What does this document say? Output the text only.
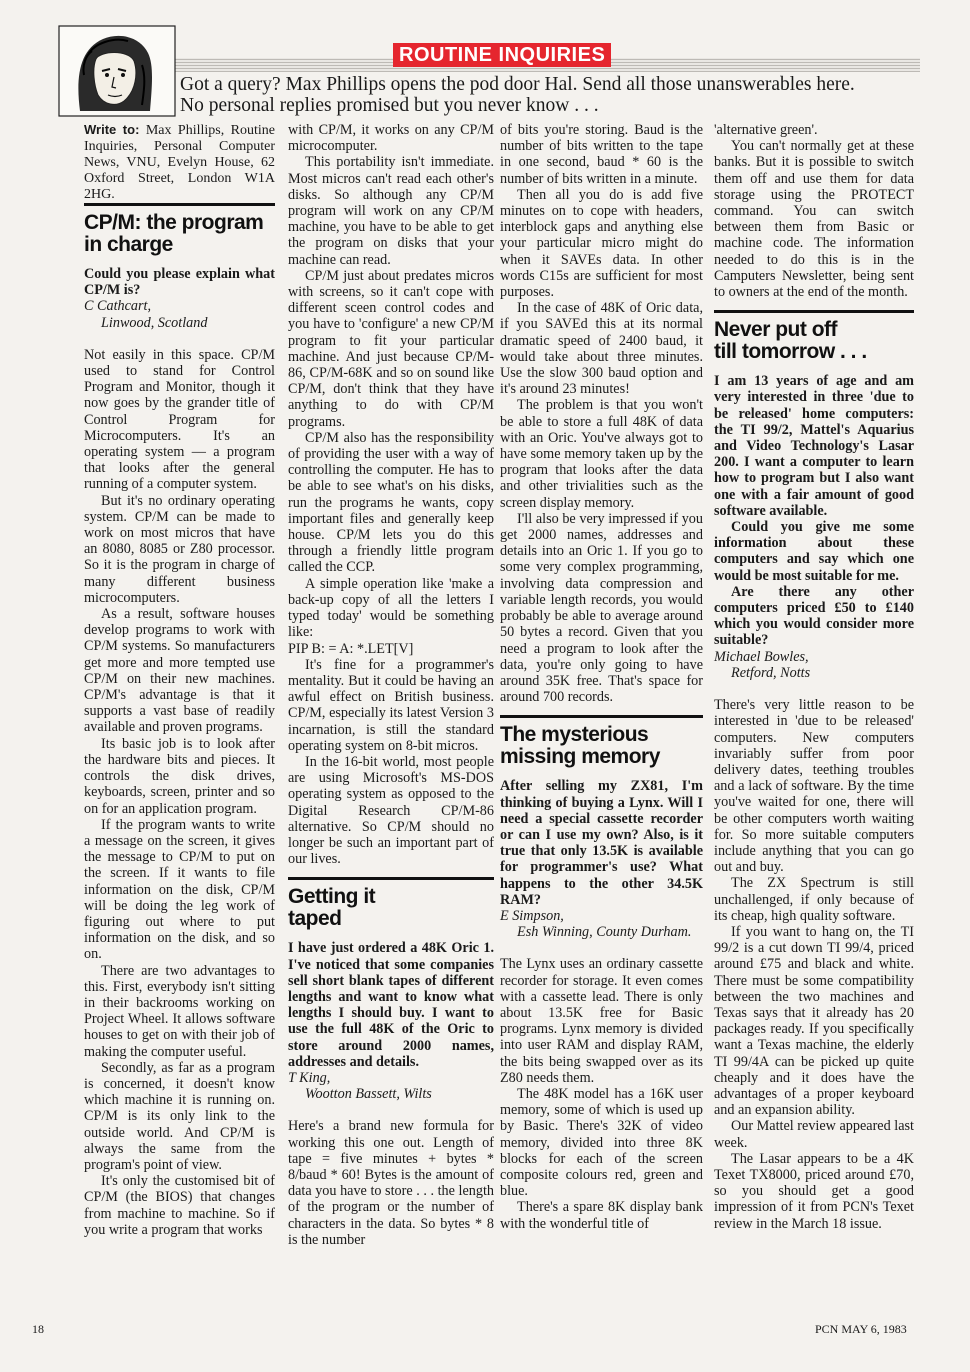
ROUTINE INQUIRIES
Got a query? Max Phillips opens the pod door Hal. Send all those unanswerables here.
No personal replies promised but you never know . . .

Write to: Max Phillips, Routine Inquiries, Personal Computer News, VNU, Evelyn House, 62 Oxford Street, London W1A 2HG.

CP/M: the program in charge

Could you please explain what CP/M is?

C Cathcart,

Linwood, Scotland

Not easily in this space. CP/M used to stand for Control Program and Monitor, though it now goes by the grander title of Control Program for Microcomputers. It's an operating system — a program that looks after the general running of a computer system.

But it's no ordinary operating system. CP/M can be made to work on most micros that have an 8080, 8085 or Z80 processor. So it is the program in charge of many different business microcomputers.

As a result, software houses develop programs to work with CP/M systems. So manufacturers get more and more tempted use CP/M on their new machines. CP/M's advantage is that it supports a vast base of readily available and proven programs.

Its basic job is to look after the hardware bits and pieces. It controls the disk drives, keyboards, screen, printer and so on for an application program.

If the program wants to write a message on the screen, it gives the message to CP/M to put on the screen. If it wants to file information on the disk, CP/M will be doing the leg work of figuring out where to put information on the disk, and so on.

There are two advantages to this. First, everybody isn't sitting in their backrooms working on Project Wheel. It allows software houses to get on with their job of making the computer useful.

Secondly, as far as a program is concerned, it doesn't know which machine it is running on. CP/M is its only link to the outside world. And CP/M is always the same from the program's point of view.

It's only the customised bit of CP/M (the BIOS) that changes from machine to machine. So if you write a program that works

with CP/M, it works on any CP/M microcomputer.

This portability isn't immediate. Most micros can't read each other's disks. So although any CP/M program will work on any CP/M machine, you have to be able to get the program on disks that your machine can read.

CP/M just about predates micros with screens, so it can't cope with different sceen control codes and you have to 'configure' a new CP/M program to fit your particular machine. And just because CP/M-86, CP/M-68K and so on sound like CP/M, don't think that they have anything to do with CP/M programs.

CP/M also has the responsibility of providing the user with a way of controlling the computer. He has to be able to see what's on his disks, run the programs he wants, copy important files and generally keep house. CP/M lets you do this through a friendly little program called the CCP.

A simple operation like 'make a back-up copy of all the letters I typed today' would be something like:

PIP B: = A: *.LET[V]

It's fine for a programmer's mentality. But it could be having an awful effect on British business. CP/M, especially its latest Version 3 incarnation, is still the standard operating system on 8-bit micros.

In the 16-bit world, most people are using Microsoft's MS-DOS operating system as opposed to the Digital Research CP/M-86 alternative. So CP/M should no longer be such an important part of our lives.

Getting it
taped

I have just ordered a 48K Oric 1. I've noticed that some companies sell short blank tapes of different lengths and want to know what lengths I should buy. I want to use the full 48K of the Oric to store around 2000 names, addresses and details.

T King,

Wootton Bassett, Wilts

Here's a brand new formula for working this one out. Length of tape = five minutes + bytes * 8/baud * 60! Bytes is the amount of data you have to store . . . the length of the program or the number of characters in the data. So bytes * 8 is the number

of bits you're storing. Baud is the number of bits written to the tape in one second, baud * 60 is the number of bits written in a minute.

Then all you do is add five minutes on to cope with headers, interblock gaps and anything else your particular micro might do when it SAVEs data. In other words C15s are sufficient for most purposes.

In the case of 48K of Oric data, if you SAVEd this at its normal dramatic speed of 2400 baud, it would take about three minutes. Use the slow 300 baud option and it's around 23 minutes!

The problem is that you won't be able to store a full 48K of data with an Oric. You've always got to have some memory taken up by the program that looks after the data and other trivialities such as the screen display memory.

I'll also be very impressed if you get 2000 names, addresses and details into an Oric 1. If you go to some very complex programming, involving data compression and variable length records, you would probably be able to average around 50 bytes a record. Given that you need a program to look after the data, you're only going to have around 35K free. That's space for around 700 records.

The mysterious
missing memory

After selling my ZX81, I'm thinking of buying a Lynx. Will I need a special cassette recorder or can I use my own? Also, is it true that only 13.5K is available for programmer's use? What happens to the other 34.5K RAM?

E Simpson,

Esh Winning, County Durham.

The Lynx uses an ordinary cassette recorder for storage. It even comes with a cassette lead. There is only about 13.5K free for Basic programs. Lynx memory is divided into user RAM and display RAM, the bits being swapped over as its Z80 needs them.

The 48K model has a 16K user memory, some of which is used up by Basic. There's 32K of video memory, divided into three 8K blocks for each of the screen composite colours red, green and blue.

There's a spare 8K display bank with the wonderful title of

'alternative green'.

You can't normally get at these banks. But it is possible to switch them off and use them for data storage using the PROTECT command. You can switch between them from Basic or machine code. The information needed to do this is in the Camputers Newsletter, being sent to owners at the end of the month.

Never put off
till tomorrow . . .

I am 13 years of age and am very interested in three 'due to be released' home computers: the TI 99/2, Mattel's Aquarius and Video Technology's Lasar 200. I want a computer to learn how to program but I also want one with a fair amount of good software available.

Could you give me some information about these computers and say which one would be most suitable for me.

Are there any other computers priced £50 to £140 which you would consider more suitable?

Michael Bowles,

Retford, Notts

There's very little reason to be interested in 'due to be released' computers. New computers invariably suffer from poor delivery dates, teething troubles and a lack of software. By the time you've waited for one, there will be other computers worth waiting for. So more suitable computers include anything that you can go out and buy.

The ZX Spectrum is still unchallenged, if only because of its cheap, high quality software.

If you want to hang on, the TI 99/2 is a cut down TI 99/4, priced around £75 and black and white. There must be some compatibility between the two machines and Texas says that it already has 20 packages ready. If you specifically want a Texas machine, the elderly TI 99/4A can be picked up quite cheaply and it does have the advantages of a proper keyboard and an expansion ability.

Our Mattel review appeared last week.

The Lasar appears to be a 4K Texet TX8000, priced around £70, so you should get a good impression of it from PCN's Texet review in the March 18 issue.

18	PCN MAY 6, 1983
